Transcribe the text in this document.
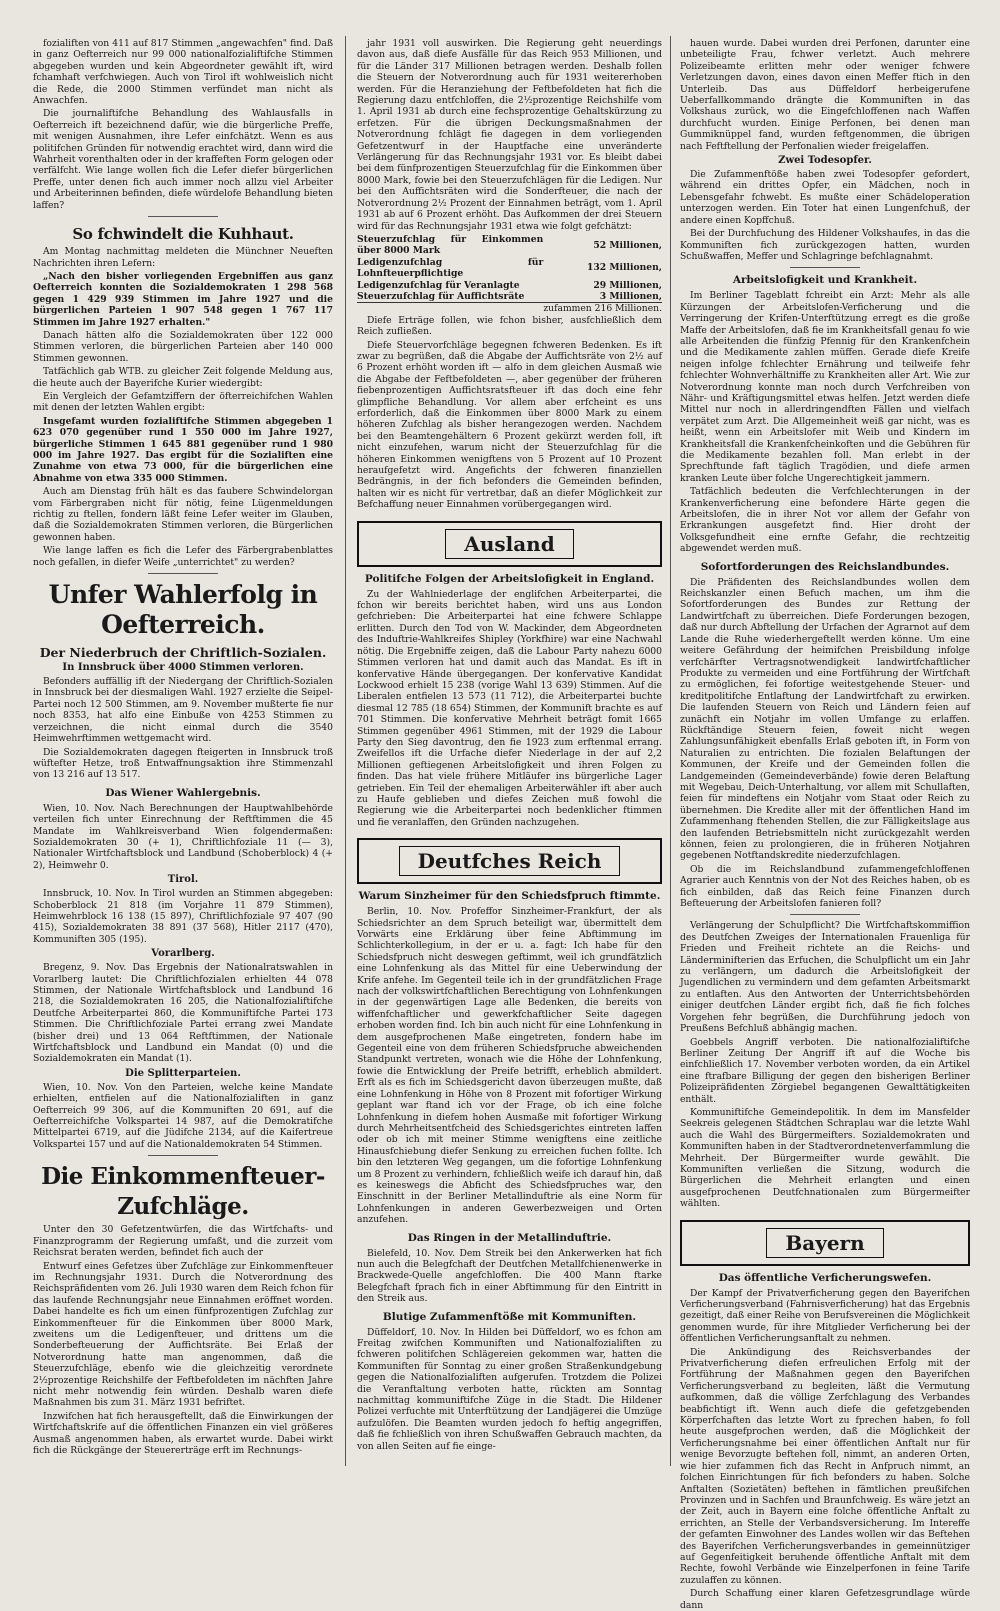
fozialiften von 411 auf 817 Stimmen „angewachfen" find. Daß in ganz Oefterreich nur 99 000 nationalfozialiftifche Stimmen abgegeben wurden und kein Abgeordneter gewählt ift, wird fchamhaft verfchwiegen. Auch von Tirol ift wohlweislich nicht die Rede, die 2000 Stimmen verfündet man nicht als Anwachfen.

Die journaliftifche Behandlung des Wahlausfalls in Oefterreich ift bezeichnend dafür, wie die bürgerliche Preffe, mit wenigen Ausnahmen, ihre Lefer einfchätzt. Wenn es aus politifchen Gründen für notwendig erachtet wird, dann wird die Wahrheit vorenthalten oder in der kraffeften Form gelogen oder verfälfcht. Wie lange wollen fich die Lefer diefer bürgerlichen Preffe, unter denen fich auch immer noch allzu viel Arbeiter und Arbeiterinnen befinden, diefe würdelofe Behandlung bieten laffen?

So fchwindelt die Kuhhaut.

Am Montag nachmittag meldeten die Münchner Neueften Nachrichten ihren Lefern:

„Nach den bisher vorliegenden Ergebniffen aus ganz Oefterreich konnten die Sozialdemokraten 1 298 568 gegen 1 429 939 Stimmen im Jahre 1927 und die bürgerlichen Parteien 1 907 548 gegen 1 767 117 Stimmen im Jahre 1927 erhalten."

Danach hätten alfo die Sozialdemokraten über 122 000 Stimmen verloren, die bürgerlichen Parteien aber 140 000 Stimmen gewonnen.

Tatfächlich gab WTB. zu gleicher Zeit folgende Meldung aus, die heute auch der Bayerifche Kurier wiedergibt:

Ein Vergleich der Gefamtziffern der öfterreichifchen Wahlen mit denen der letzten Wahlen ergibt:

Insgefamt wurden fozialiftifche Stimmen abgegeben 1 623 070 gegenüber rund 1 550 000 im Jahre 1927, bürgerliche Stimmen 1 645 881 gegenüber rund 1 980 000 im Jahre 1927. Das ergibt für die Sozialiften eine Zunahme von etwa 73 000, für die bürgerlichen eine Abnahme von etwa 335 000 Stimmen.

Auch am Dienstag früh hält es das faubere Schwindelorgan vom Färbergraben nicht für nötig, feine Lügenmeldungen richtig zu ftellen, fondern läßt feine Lefer weiter im Glauben, daß die Sozialdemokraten Stimmen verloren, die Bürgerlichen gewonnen haben.

Wie lange laffen es fich die Lefer des Färbergrabenblattes noch gefallen, in diefer Weife „unterrichtet" zu werden?

Unfer Wahlerfolg in Oefterreich.
Der Niederbruch der Chriftlich-Sozialen.
In Innsbruck über 4000 Stimmen verloren.

Befonders auffällig ift der Niedergang der Chriftlich-Sozialen in Innsbruck bei der diesmaligen Wahl. 1927 erzielte die Seipel-Partei noch 12 500 Stimmen, am 9. November mußterte fie nur noch 8353, hat alfo eine Einbuße von 4253 Stimmen zu verzeichnen, die nicht einmal durch die 3540 Heimwehrftimmen wettgemacht wird.

Die Sozialdemokraten dagegen fteigerten in Innsbruck troß wüftefter Hetze, troß Entwaffnungsaktion ihre Stimmenzahl von 13 216 auf 13 517.

Das Wiener Wahlergebnis.

Wien, 10. Nov. Nach Berechnungen der Hauptwahlbehörde verteilen fich unter Einrechnung der Reftftimmen die 45 Mandate im Wahlkreisverband Wien folgendermaßen: Sozialdemokraten 30 (+ 1), Chriftlichfoziale 11 (— 3), Nationaler Wirtfchaftsblock und Landbund (Schoberblock) 4 (+ 2), Heimwehr 0.

Tirol.

Innsbruck, 10. Nov. In Tirol wurden an Stimmen abgegeben: Schoberblock 21 818 (im Vorjahre 11 879 Stimmen), Heimwehrblock 16 138 (15 897), Chriftlichfoziale 97 407 (90 415), Sozialdemokraten 38 891 (37 568), Hitler 2117 (470), Kommuniften 305 (195).

Vorarlberg.

Bregenz, 9. Nov. Das Ergebnis der Nationalratswahlen in Vorarlberg lautet: Die Chriftlichfozialen erhielten 44 078 Stimmen, der Nationale Wirtfchaftsblock und Landbund 16 218, die Sozialdemokraten 16 205, die Nationalfozialiftifche Deutfche Arbeiterpartei 860, die Kommuniftifche Partei 173 Stimmen. Die Chriftlichfoziale Partei errang zwei Mandate (bisher drei) und 13 064 Reftftimmen, der Nationale Wirtfchaftsblock und Landbund ein Mandat (0) und die Sozialdemokraten ein Mandat (1).

Die Splitterparteien.

Wien, 10. Nov. Von den Parteien, welche keine Mandate erhielten, entfielen auf die Nationalfozialiften in ganz Oefterreich 99 306, auf die Kommuniften 20 691, auf die Oefterreichifche Volkspartei 14 987, auf die Demokratifche Mittelpartei 6719, auf die Jüdifche 2134, auf die Kaifertreue Volkspartei 157 und auf die Nationaldemokraten 54 Stimmen.

Die Einkommenfteuer-Zufchläge.

Unter den 30 Gefetzentwürfen, die das Wirtfchafts- und Finanzprogramm der Regierung umfaßt, und die zurzeit vom Reichsrat beraten werden, befindet fich auch der

Entwurf eines Gefetzes über Zufchläge zur Einkommenfteuer im Rechnungsjahr 1931. Durch die Notverordnung des Reichspräfidenten vom 26. Juli 1930 waren dem Reich fchon für das laufende Rechnungsjahr neue Einnahmen eröffnet worden. Dabei handelte es fich um einen fünfprozentigen Zufchlag zur Einkommenfteuer für die Einkommen über 8000 Mark, zweitens um die Ledigenfteuer, und drittens um die Sonderbefteuerung der Auffichtsräte. Bei Erlaß der Notverordnung hatte man angenommen, daß die Steuerzufchläge, ebenfo wie die gleichzeitig verordnete 2½prozentige Reichshilfe der Feftbefoldeten im nächften Jahre nicht mehr notwendig fein würden. Deshalb waren diefe Maßnahmen bis zum 31. März 1931 befriftet.

Inzwifchen hat fich herausgeftellt, daß die Einwirkungen der Wirtfchaftskrife auf die öffentlichen Finanzen ein viel größeres Ausmaß angenommen haben, als erwartet wurde. Dabei wirkt fich die Rückgänge der Steuererträge erft im Rechnungs-

jahr 1931 voll auswirken. Die Regierung geht neuerdings davon aus, daß diefe Ausfälle für das Reich 953 Millionen, und für die Länder 317 Millionen betragen werden. Deshalb follen die Steuern der Notverordnung auch für 1931 weitererhoben werden. Für die Heranziehung der Feftbefoldeten hat fich die Regierung dazu entfchloffen, die 2½prozentige Reichshilfe vom 1. April 1931 ab durch eine fechsprozentige Gehaltskürzung zu erfetzen. Für die übrigen Deckungsmaßnahmen der Notverordnung fchlägt fie dagegen in dem vorliegenden Gefetzentwurf in der Hauptfache eine unveränderte Verlängerung für das Rechnungsjahr 1931 vor. Es bleibt dabei bei dem fünfprozentigen Steuerzufchlag für die Einkommen über 8000 Mark, fowie bei den Steuerzufchlägen für die Ledigen. Nur bei den Auffichtsräten wird die Sonderfteuer, die nach der Notverordnung 2½ Prozent der Einnahmen beträgt, vom 1. April 1931 ab auf 6 Prozent erhöht. Das Aufkommen der drei Steuern wird für das Rechnungsjahr 1931 etwa wie folgt gefchätzt:

Steuerzufchlag für Einkommen über 8000 Mark	52 Millionen,
Ledigenzufchlag für Lohnfteuerpflichtige	132 Millionen,
Ledigenzufchlag für Veranlagte	29 Millionen,
Steuerzufchlag für Auffichtsräte	3 Millionen,
	zufammen 216 Millionen.

Diefe Erträge follen, wie fchon bisher, ausfchließlich dem Reich zufließen.

Diefe Steuervorfchläge begegnen fchweren Bedenken. Es ift zwar zu begrüßen, daß die Abgabe der Auffichtsräte von 2½ auf 6 Prozent erhöht worden ift — alfo in dem gleichen Ausmaß wie die Abgabe der Feftbefoldeten —, aber gegenüber der früheren fiebenprozentigen Auffichtsratsfteuer ift das doch eine fehr glimpfliche Behandlung. Vor allem aber erfcheint es uns erforderlich, daß die Einkommen über 8000 Mark zu einem höheren Zufchlag als bisher herangezogen werden. Nachdem bei den Beamtengehältern 6 Prozent gekürzt werden foll, ift nicht einzufehen, warum nicht der Steuerzufchlag für die höheren Einkommen wenigftens von 5 Prozent auf 10 Prozent heraufgefetzt wird. Angefichts der fchweren finanziellen Bedrängnis, in der fich befonders die Gemeinden befinden, halten wir es nicht für vertretbar, daß an diefer Möglichkeit zur Befchaffung neuer Einnahmen vorübergegangen wird.

Ausland
Politifche Folgen der Arbeitslofigkeit in England.

Zu der Wahlniederlage der englifchen Arbeiterpartei, die fchon wir bereits berichtet haben, wird uns aus London gefchrieben: Die Arbeiterpartei hat eine fchwere Schlappe erlitten. Durch den Tod von W. Mackinder, dem Abgeordneten des Induftrie-Wahlkreifes Shipley (Yorkfhire) war eine Nachwahl nötig. Die Ergebniffe zeigen, daß die Labour Party nahezu 6000 Stimmen verloren hat und damit auch das Mandat. Es ift in konfervative Hände übergegangen. Der konfervative Kandidat Lockwood erhielt 15 238 (vorige Wahl 13 639) Stimmen. Auf die Liberalen entfielen 13 573 (11 712), die Arbeiterpartei buchte diesmal 12 785 (18 654) Stimmen, der Kommunift brachte es auf 701 Stimmen. Die konfervative Mehrheit beträgt fomit 1665 Stimmen gegenüber 4961 Stimmen, mit der 1929 die Labour Party den Sieg davontrug, den fie 1923 zum erftenmal errang. Zweifellos ift die Urfache diefer Niederlage in der auf 2,2 Millionen geftiegenen Arbeitslofigkeit und ihren Folgen zu finden. Das hat viele frühere Mitläufer ins bürgerliche Lager getrieben. Ein Teil der ehemaligen Arbeiterwähler ift aber auch zu Haufe geblieben und diefes Zeichen muß fowohl die Regierung wie die Arbeiterpartei noch bedenklicher ftimmen und fie veranlaffen, den Gründen nachzugehen.

Deutfches Reich
Warum Sinzheimer für den Schiedsfpruch ftimmte.

Berlin, 10. Nov. Profeffor Sinzheimer-Frankfurt, der als Schiedsrichter an dem Spruch beteiligt war, übermittelt dem Vorwärts eine Erklärung über feine Abftimmung im Schlichterkollegium, in der er u. a. fagt: Ich habe für den Schiedsfpruch nicht deswegen geftimmt, weil ich grundfätzlich eine Lohnfenkung als das Mittel für eine Ueberwindung der Krife anfehe. Im Gegenteil teile ich in der grundfätzlichen Frage nach der volkswirtfchaftlichen Berechtigung von Lohnfenkungen in der gegenwärtigen Lage alle Bedenken, die bereits von wiffenfchaftlicher und gewerkfchaftlicher Seite dagegen erhoben worden find. Ich bin auch nicht für eine Lohnfenkung in dem ausgefprochenen Maße eingetreten, fondern habe im Gegenteil eine von dem früheren Schiedsfpruche abweichenden Standpunkt vertreten, wonach wie die Höhe der Lohnfenkung, fowie die Entwicklung der Preife betrifft, erheblich abmildert. Erft als es fich im Schiedsgericht davon überzeugen mußte, daß eine Lohnfenkung in Höhe von 8 Prozent mit fofortiger Wirkung geplant war ftand ich vor der Frage, ob ich eine folche Lohnfenkung in diefem hohen Ausmaße mit fofortiger Wirkung durch Mehrheitsentfcheid des Schiedsgerichtes eintreten laffen oder ob ich mit meiner Stimme wenigftens eine zeitliche Hinausfchiebung diefer Senkung zu erreichen fuchen follte. Ich bin den letzteren Weg gegangen, um die fofortige Lohnfenkung um 8 Prozent zu verhindern, fchließlich weife ich darauf hin, daß es keineswegs die Abficht des Schiedsfpruches war, den Einschnitt in der Berliner Metallinduftrie als eine Norm für Lohnfenkungen in anderen Gewerbezweigen und Orten anzufehen.

Das Ringen in der Metallinduftrie.

Bielefeld, 10. Nov. Dem Streik bei den Ankerwerken hat fich nun auch die Belegfchaft der Deutfchen Metallfchienenwerke in Brackwede-Quelle angefchloffen. Die 400 Mann ftarke Belegfchaft fprach fich in einer Abftimmung für den Eintritt in den Streik aus.

Blutige Zufammenftöße mit Kommuniften.

Düffeldorf, 10. Nov. In Hilden bei Düffeldorf, wo es fchon am Freitag zwifchen Kommuniften und Nationalfozialiften zu fchweren politifchen Schlägereien gekommen war, hatten die Kommuniften für Sonntag zu einer großen Straßenkundgebung gegen die Nationalfozialiften aufgerufen. Trotzdem die Polizei die Veranftaltung verboten hatte, rückten am Sonntag nachmittag kommuniftifche Züge in die Stadt. Die Hildener Polizei verfuchte mit Unterftützung der Landjägerei die Umzüge aufzulöfen. Die Beamten wurden jedoch fo heftig angegriffen, daß fie fchließlich von ihren Schußwaffen Gebrauch machten, da von allen Seiten auf fie einge-

hauen wurde. Dabei wurden drei Perfonen, darunter eine unbeteiligte Frau, fchwer verletzt. Auch mehrere Polizeibeamte erlitten mehr oder weniger fchwere Verletzungen davon, eines davon einen Meffer ftich in den Unterleib. Das aus Düffeldorf herbeigerufene Ueberfallkommando drängte die Kommuniften in das Volkshaus zurück, wo die Eingefchloffenen nach Waffen durchfucht wurden. Einige Perfonen, bei denen man Gummiknüppel fand, wurden feftgenommen, die übrigen nach Feftftellung der Perfonalien wieder freigelaffen.

Zwei Todesopfer.

Die Zufammenftöße haben zwei Todesopfer gefordert, während ein drittes Opfer, ein Mädchen, noch in Lebensgefahr fchwebt. Es mußte einer Schädeloperation unterzogen werden. Ein Toter hat einen Lungenfchuß, der andere einen Kopffchuß.

Bei der Durchfuchung des Hildener Volkshaufes, in das die Kommuniften fich zurückgezogen hatten, wurden Schußwaffen, Meffer und Schlagringe befchlagnahmt.

Arbeitslofigkeit und Krankheit.

Im Berliner Tageblatt fchreibt ein Arzt: Mehr als alle Kürzungen der Arbeitslofen-Verficherung und die Verringerung der Krifen-Unterftützung erregt es die große Maffe der Arbeitslofen, daß fie im Krankheitsfall genau fo wie alle Arbeitenden die fünfzig Pfennig für den Krankenfchein und die Medikamente zahlen müffen. Gerade diefe Kreife neigen infolge fchlechter Ernährung und teilweife fehr fchlechter Wohnverhältniffe zu Krankheiten aller Art. Wie zur Notverordnung konnte man noch durch Verfchreiben von Nähr- und Kräftigungsmittel etwas helfen. Jetzt werden diefe Mittel nur noch in allerdringendften Fällen und vielfach verpätet zum Arzt. Die Allgemeinheit weiß gar nicht, was es heißt, wenn ein Arbeitslofer mit Weib und Kindern im Krankheitsfall die Krankenfcheinkoften und die Gebühren für die Medikamente bezahlen foll. Man erlebt in der Sprechftunde faft täglich Tragödien, und diefe armen kranken Leute über folche Ungerechtigkeit jammern.

Tatfächlich bedeuten die Verfchlechterungen in der Krankenverficherung eine befondere Härte gegen die Arbeitslofen, die in ihrer Not vor allem der Gefahr von Erkrankungen ausgefetzt find. Hier droht der Volksgefundheit eine ernfte Gefahr, die rechtzeitig abgewendet werden muß.

Sofortforderungen des Reichslandbundes.

Die Präfidenten des Reichslandbundes wollen dem Reichskanzler einen Befuch machen, um ihm die Sofortforderungen des Bundes zur Rettung der Landwirtfchaft zu überreichen. Diefe Forderungen bezogen, daß nur durch Abftellung der Urfachen der Agrarnot auf dem Lande die Ruhe wiederhergeftellt werden könne. Um eine weitere Gefährdung der heimifchen Preisbildung infolge verfchärfter Vertragsnotwendigkeit landwirtfchaftlicher Produkte zu vermeiden und eine Fortführung der Wirtfchaft zu ermöglichen, fei fofortige weitestgehende Steuer- und kreditpolitifche Entlaftung der Landwirtfchaft zu erwirken. Die laufenden Steuern von Reich und Ländern feien auf zunächft ein Notjahr im vollen Umfange zu erlaffen. Rückftändige Steuern feien, foweit nicht wegen Zahlungsunfähigkeit ebenfalls Erlaß geboten ift, in Form von Naturalien zu entrichten. Die fozialen Belaftungen der Kommunen, der Kreife und der Gemeinden follen die Landgemeinden (Gemeindeverbände) fowie deren Belaftung mit Wegebau, Deich-Unterhaltung, vor allem mit Schullaften, feien für mindeftens ein Notjahr vom Staat oder Reich zu übernehmen. Die Kredite aller mit der öffentlichen Hand im Zufammenhang ftehenden Stellen, die zur Fälligkeitslage aus den laufenden Betriebsmitteln nicht zurückgezahlt werden können, feien zu prolongieren, die in früheren Notjahren gegebenen Notftandskredite niederzufchlagen.

Ob die im Reichslandbund zufammengefchloffenen Agrarier auch Kenntnis von der Not des Reiches haben, ob es fich einbilden, daß das Reich feine Finanzen durch Befteuerung der Arbeitslofen fanieren foll?

Verlängerung der Schulpflicht? Die Wirtfchaftskommiffion des Deutfchen Zweiges der Internationalen Frauenliga für Frieden und Freiheit richtete an die Reichs- und Länderminifterien das Erfuchen, die Schulpflicht um ein Jahr zu verlängern, um dadurch die Arbeitslofigkeit der Jugendlichen zu vermindern und dem gefamten Arbeitsmarkt zu entlaften. Aus den Antworten der Unterrichtsbehörden einiger deutfchen Länder ergibt fich, daß fie fich folches Vorgehen fehr begrüßen, die Durchführung jedoch von Preußens Befchluß abhängig machen.

Goebbels Angriff verboten. Die nationalfozialiftifche Berliner Zeitung Der Angriff ift auf die Woche bis einfchließlich 17. November verboten worden, da ein Artikel eine ftrafbare Billigung der gegen den bisherigen Berliner Polizeipräfidenten Zörgiebel begangenen Gewalttätigkeiten enthält.

Kommuniftifche Gemeindepolitik. In dem im Mansfelder Seekreis gelegenen Städtchen Schraplau war die letzte Wahl auch die Wahl des Bürgermeifters. Sozialdemokraten und Kommuniften haben in der Stadtverordnetenverfammlung die Mehrheit. Der Bürgermeifter wurde gewählt. Die Kommuniften verließen die Sitzung, wodurch die Bürgerlichen die Mehrheit erlangten und einen ausgefprochenen Deutfchnationalen zum Bürgermeifter wählten.

Bayern
Das öffentliche Verficherungswefen.

Der Kampf der Privatverficherung gegen den Bayerifchen Verficherungsverband (Fahrnisverficherung) hat das Ergebnis gezeitigt, daß einer Reihe von Berufsvereinen die Möglichkeit genommen wurde, für ihre Mitglieder Verficherung bei der öffentlichen Verficherungsanftalt zu nehmen.

Die Ankündigung des Reichsverbandes der Privatverficherung diefen erfreulichen Erfolg mit der Fortführung der Maßnahmen gegen den Bayerifchen Verficherungsverband zu begleiten, läßt die Vermutung aufkommen, daß die völlige Zerfchlagung des Verbandes beabfichtigt ift. Wenn auch diefe die gefetzgebenden Körperfchaften das letzte Wort zu fprechen haben, fo foll heute ausgefprochen werden, daß die Möglichkeit der Verficherungsnahme bei einer öffentlichen Anftalt nur für wenige Bevorzugte beftehen foll, nimmt, an anderen Orten, wie hier zufammen fich das Recht in Anfpruch nimmt, an folchen Einrichtungen für fich befonders zu haben. Solche Anftalten (Sozietäten) beftehen in fämtlichen preußifchen Provinzen und in Sachfen und Braunfchweig. Es wäre jetzt an der Zeit, auch in Bayern eine folche öffentliche Anftalt zu errichten, an Stelle der Verbandsversicherung. Im Intereffe der gefamten Einwohner des Landes wollen wir das Beftehen des Bayerifchen Verficherungsverbandes in gemeinnütziger auf Gegenfeitigkeit beruhende öffentliche Anftalt mit dem Rechte, fowohl Verbände wie Einzelperfonen in feine Tarife zuzulaffen zu können.

Durch Schaffung einer klaren Gefetzesgrundlage würde dann
